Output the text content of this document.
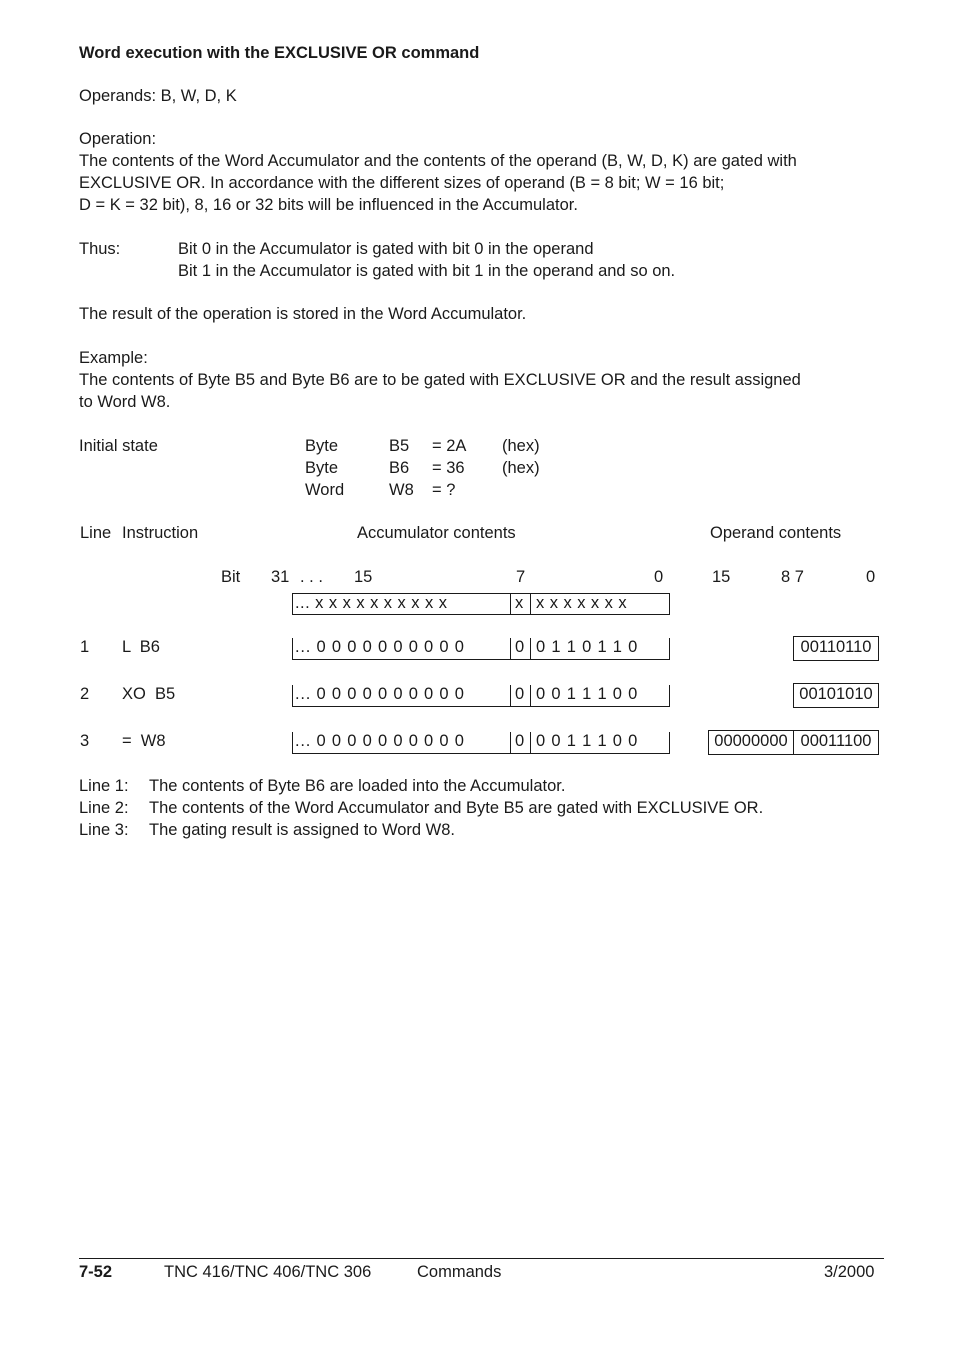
Word execution with the EXCLUSIVE OR command
Operands: B, W, D, K
Operation:
The contents of the Word Accumulator and the contents of the operand (B, W, D, K) are gated with
EXCLUSIVE OR. In accordance with the different sizes of operand (B = 8 bit; W = 16 bit;
D = K = 32 bit), 8, 16 or 32 bits will be influenced in the Accumulator.
Thus:	Bit 0 in the Accumulator is gated with bit 0 in the operand
Bit 1 in the Accumulator is gated with bit 1 in the operand and so on.
The result of the operation is stored in the Word Accumulator.
Example:
The contents of Byte B5 and Byte B6 are to be gated with EXCLUSIVE OR and the result assigned
to Word W8.
Initial state	Byte	B5 = 2A (hex)
Byte	B6 = 36 (hex)
Word	W8 = ?
Line Instruction	Accumulator contents	Operand contents
Bit 31 . . . 15	7	0	15	8 7	0
... x x x x x x x x x x	x x x x x x x x
1 L  B6	... 0 0 0 0 0 0 0 0 0 0	0 0 1 1 0 1 1 0	00110110
2 XO  B5	... 0 0 0 0 0 0 0 0 0 0	0 0 0 1 1 1 0 0	00101010
3 =  W8	... 0 0 0 0 0 0 0 0 0 0	0 0 0 1 1 1 0 0	00000000 00011100
Line 1: The contents of Byte B6 are loaded into the Accumulator.
Line 2: The contents of the Word Accumulator and Byte B5 are gated with EXCLUSIVE OR.
Line 3: The gating result is assigned to Word W8.
7-52	TNC 416/TNC 406/TNC 306	Commands	3/2000
